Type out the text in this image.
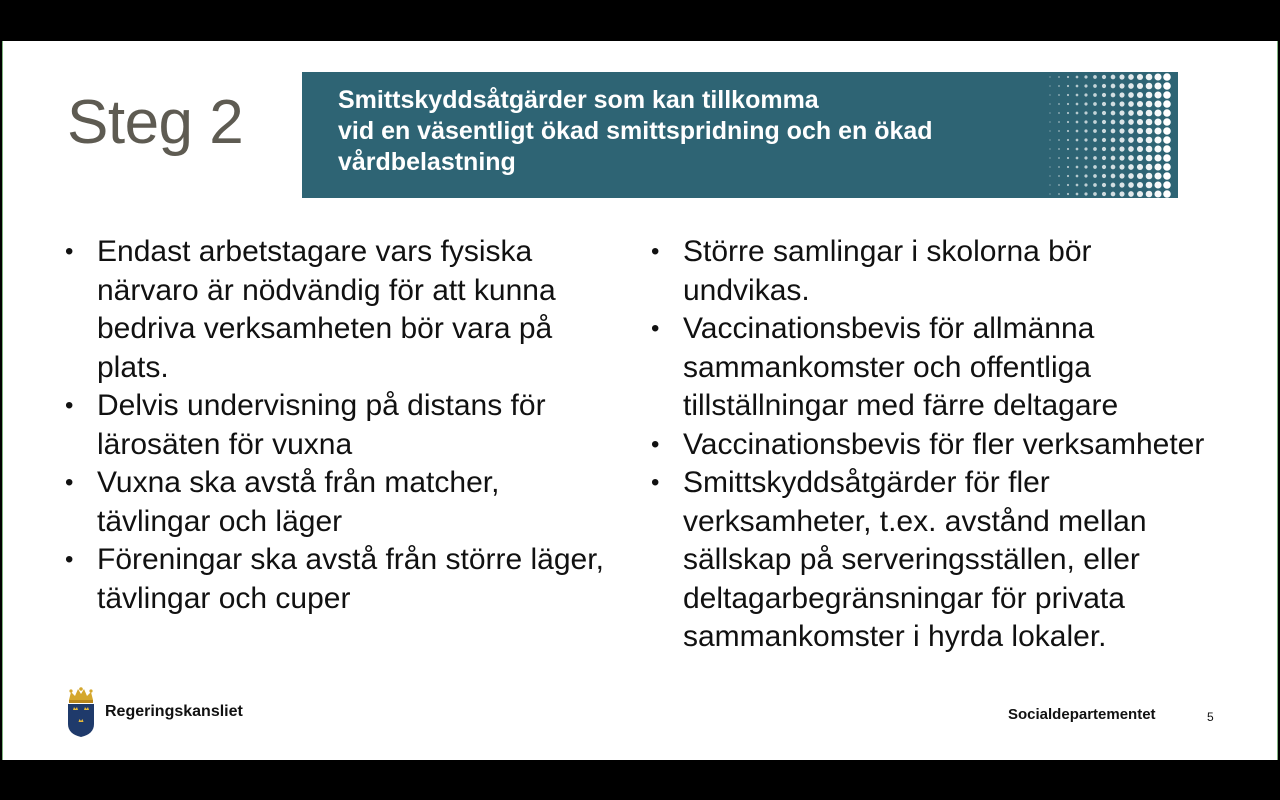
Steg 2	Smittskyddsåtgärder som kan tillkomma
vid en väsentligt ökad smittspridning och en ökad
vårdbelastning
• Endast arbetstagare vars fysiska närvaro är nödvändig för att kunna bedriva verksamheten bör vara på plats.
• Delvis undervisning på distans för lärosäten för vuxna
• Vuxna ska avstå från matcher, tävlingar och läger
• Föreningar ska avstå från större läger, tävlingar och cuper
• Större samlingar i skolorna bör undvikas.
• Vaccinationsbevis för allmänna sammankomster och offentliga tillställningar med färre deltagare
• Vaccinationsbevis för fler verksamheter
• Smittskyddsåtgärder för fler verksamheter, t.ex. avstånd mellan sällskap på serveringsställen, eller deltagarbegränsningar för privata sammankomster i hyrda lokaler.
Regeringskansliet	Socialdepartementet	5
